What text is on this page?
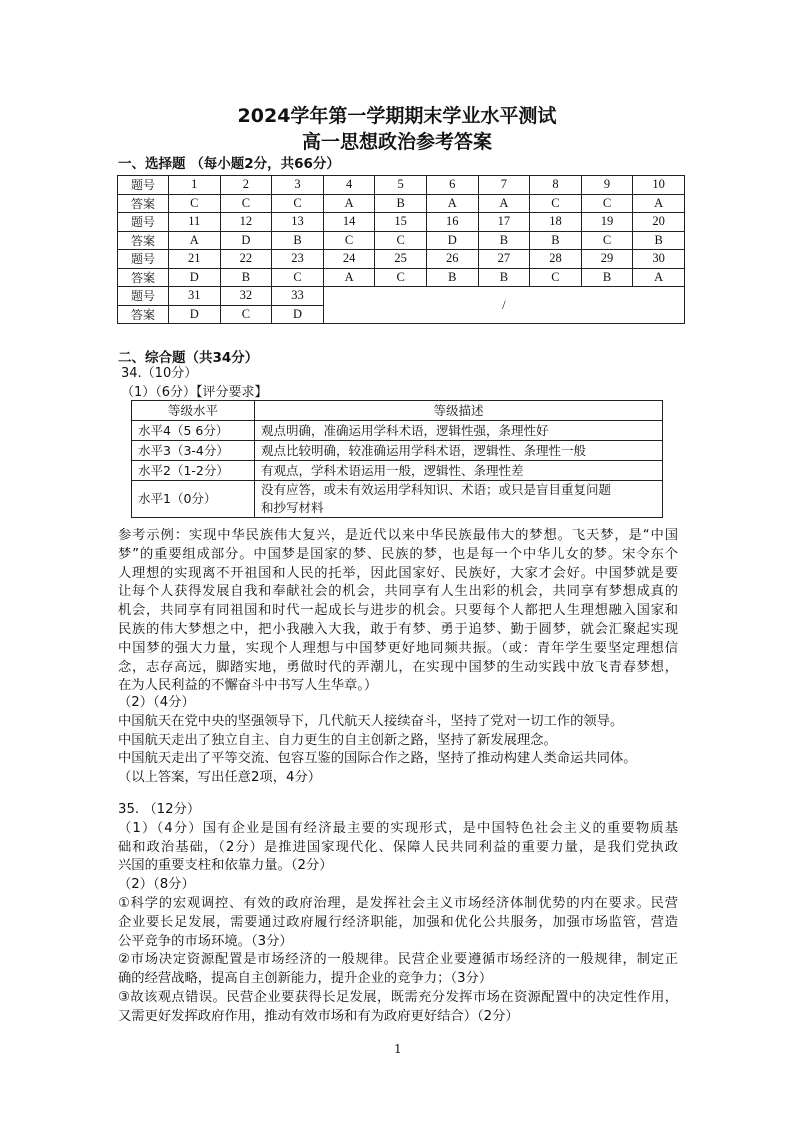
2024学年第一学期期末学业水平测试
高一思想政治参考答案
一、选择题 （每小题2分，共66分）
题号	1	2	3	4	5	6	7	8	9	10
答案	C	C	C	A	B	A	A	C	C	A
题号	11	12	13	14	15	16	17	18	19	20
答案	A	D	B	C	C	D	B	B	C	B
题号	21	22	23	24	25	26	27	28	29	30
答案	D	B	C	A	C	B	B	C	B	A
题号	31	32	33	/						
答案	D	C	D							
二、综合题（共34分）
34.（10分）
（1）（6分）【评分要求】
等级水平	等级描述
水平4（5 6分）	观点明确，准确运用学科术语，逻辑性强，条理性好

水平3（3-4分）	观点比较明确，较准确运用学科术语，逻辑性、条理性一般

水平2（1-2分）	有观点，学科术语运用一般，逻辑性、条理性差

水平1（0分）	没有应答，或未有效运用学科知识、术语；或只是盲目重复问题
和抄写材料
参考示例：实现中华民族伟大复兴，是近代以来中华民族最伟大的梦想。飞天梦，是“中国
梦”的重要组成部分。中国梦是国家的梦、民族的梦，也是每一个中华儿女的梦。宋令东个
人理想的实现离不开祖国和人民的托举，因此国家好、民族好，大家才会好。中国梦就是要
让每个人获得发展自我和奉献社会的机会，共同享有人生出彩的机会，共同享有梦想成真的
机会，共同享有同祖国和时代一起成长与进步的机会。只要每个人都把人生理想融入国家和
民族的伟大梦想之中，把小我融入大我，敢于有梦、勇于追梦、勤于圆梦，就会汇聚起实现
中国梦的强大力量，实现个人理想与中国梦更好地同频共振。（或：青年学生要坚定理想信
念，志存高远，脚踏实地，勇做时代的弄潮儿，在实现中国梦的生动实践中放飞青春梦想，
在为人民利益的不懈奋斗中书写人生华章。）
（2）（4分）
中国航天在党中央的坚强领导下，几代航天人接续奋斗，坚持了党对一切工作的领导。
中国航天走出了独立自主、自力更生的自主创新之路，坚持了新发展理念。
中国航天走出了平等交流、包容互鉴的国际合作之路，坚持了推动构建人类命运共同体。
（以上答案，写出任意2项，4分）
35. （12分）
（1）（4分）国有企业是国有经济最主要的实现形式，是中国特色社会主义的重要物质基
础和政治基础，（2分）是推进国家现代化、保障人民共同利益的重要力量，是我们党执政
兴国的重要支柱和依靠力量。（2分）
（2）（8分）
①科学的宏观调控、有效的政府治理，是发挥社会主义市场经济体制优势的内在要求。民营
企业要长足发展，需要通过政府履行经济职能，加强和优化公共服务，加强市场监管，营造
公平竞争的市场环境。（3分）
②市场决定资源配置是市场经济的一般规律。民营企业要遵循市场经济的一般规律，制定正
确的经营战略，提高自主创新能力，提升企业的竞争力；（3分）
③故该观点错误。民营企业要获得长足发展，既需充分发挥市场在资源配置中的决定性作用，
又需更好发挥政府作用，推动有效市场和有为政府更好结合）（2分）
1
